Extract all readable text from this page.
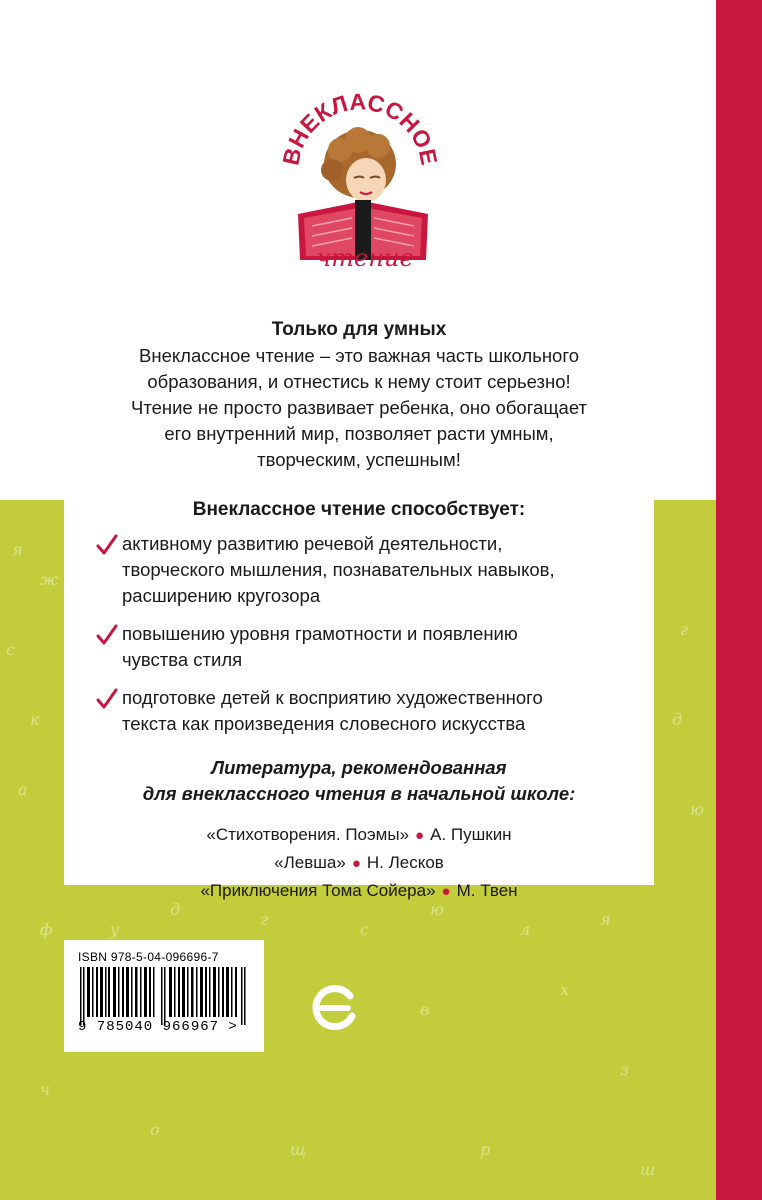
я
ж
с
к
а
ф	у
д
г
с
ю
л
я
г
д
ю
в
х
з
ч
о
щ	р
ш
ВНЕКЛАССНОЕ
чтение
Только для умных
Внеклассное чтение – это важная часть школьного
образования, и отнестись к нему стоит серьезно!
Чтение не просто развивает ребенка, оно обогащает
его внутренний мир, позволяет расти умным,
творческим, успешным!
Внеклассное чтение способствует:
активному развитию речевой деятельности,
творческого мышления, познавательных навыков,
расширению кругозора
повышению уровня грамотности и появлению
чувства стиля
подготовке детей к восприятию художественного
текста как произведения словесного искусства
Литература, рекомендованная
для внеклассного чтения в начальной школе:
«Стихотворения. Поэмы» ● А. Пушкин
«Левша» ● Н. Лесков
«Приключения Тома Сойера» ● М. Твен
ISBN 978-5-04-096696-7
9 785040 966967 >
